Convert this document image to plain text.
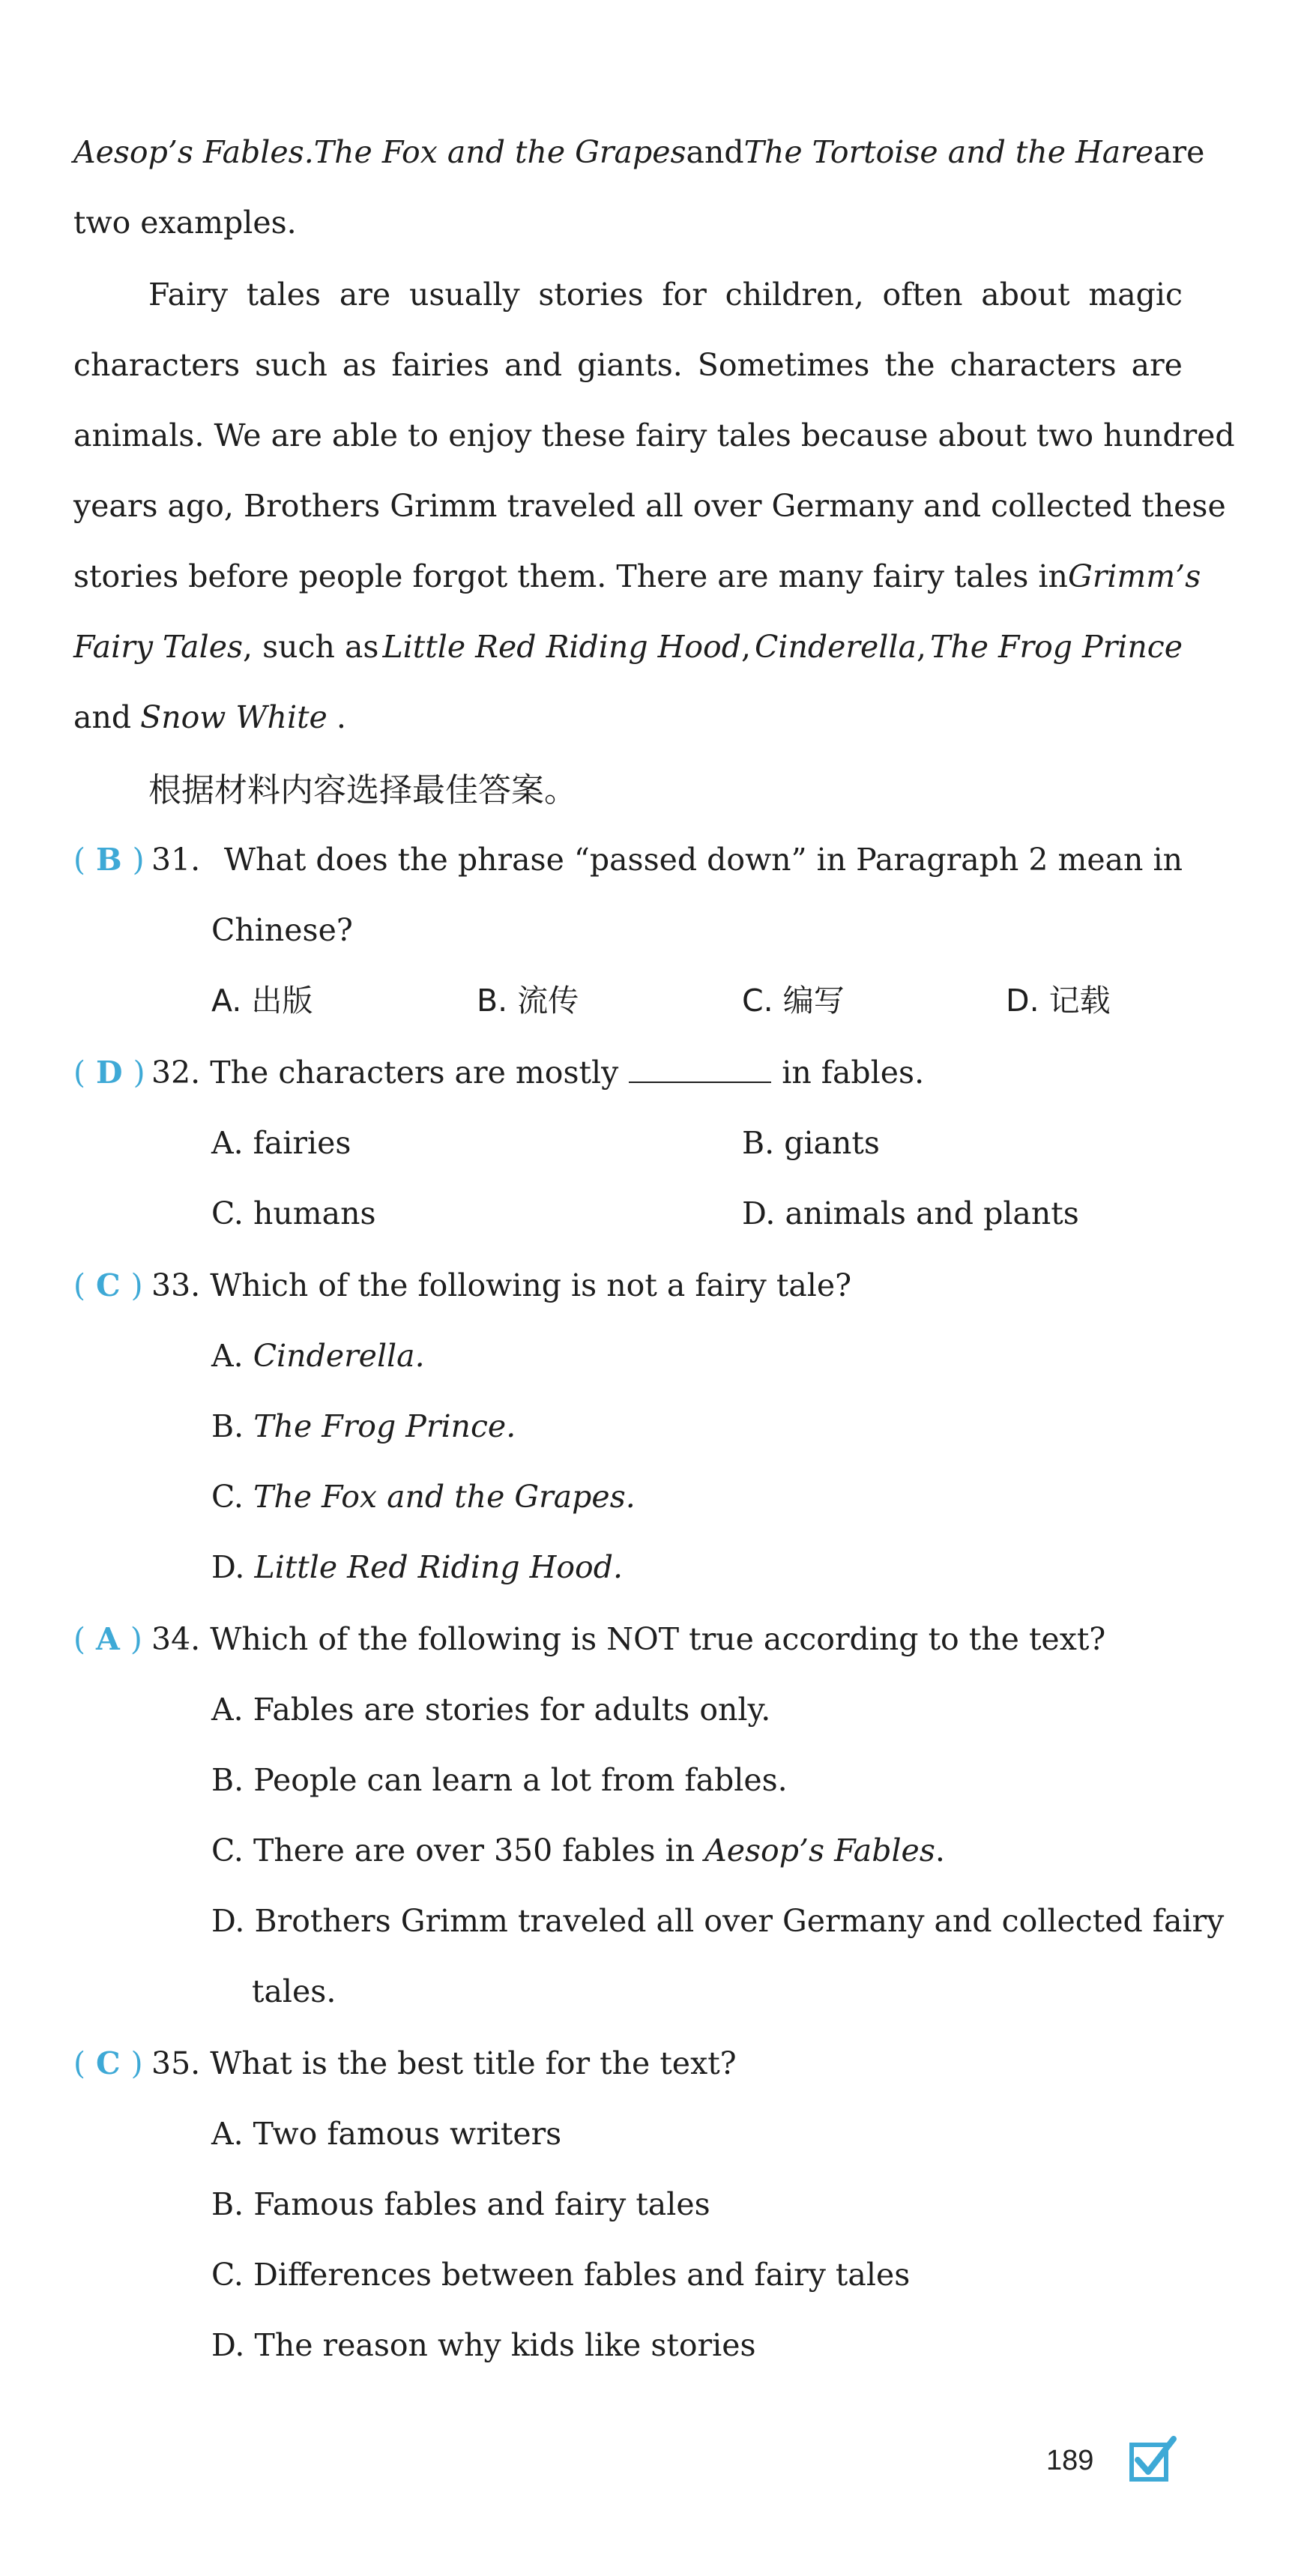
Aesop’s Fables. The Fox and the Grapes and The Tortoise and the Hare are
two examples.
Fairy tales are usually stories for children, often about magic
characters such as fairies and giants. Sometimes the characters are
animals. We are able to enjoy these fairy tales because about two hundred
years ago, Brothers Grimm traveled all over Germany and collected these
stories before people forgot them. There are many fairy tales in Grimm’s
Fairy Tales, such as Little Red Riding Hood, Cinderella, The Frog Prince
and Snow White .
根据材料内容选择最佳答案。
( B ) 31. What does the phrase “passed down” in Paragraph 2 mean in
Chinese?
A. 出版	B. 流传	C. 编写	D. 记载
( D ) 32. The characters are mostly	in fables.
A. fairies	B. giants
C. humans	D. animals and plants
( C ) 33. Which of the following is not a fairy tale?
A. Cinderella.
B. The Frog Prince.
C. The Fox and the Grapes.
D. Little Red Riding Hood.
( A ) 34. Which of the following is NOT true according to the text?
A. Fables are stories for adults only.
B. People can learn a lot from fables.
C. There are over 350 fables in Aesop’s Fables.
D. Brothers Grimm traveled all over Germany and collected fairy
tales.
( C ) 35. What is the best title for the text?
A. Two famous writers
B. Famous fables and fairy tales
C. Differences between fables and fairy tales
D. The reason why kids like stories
189
